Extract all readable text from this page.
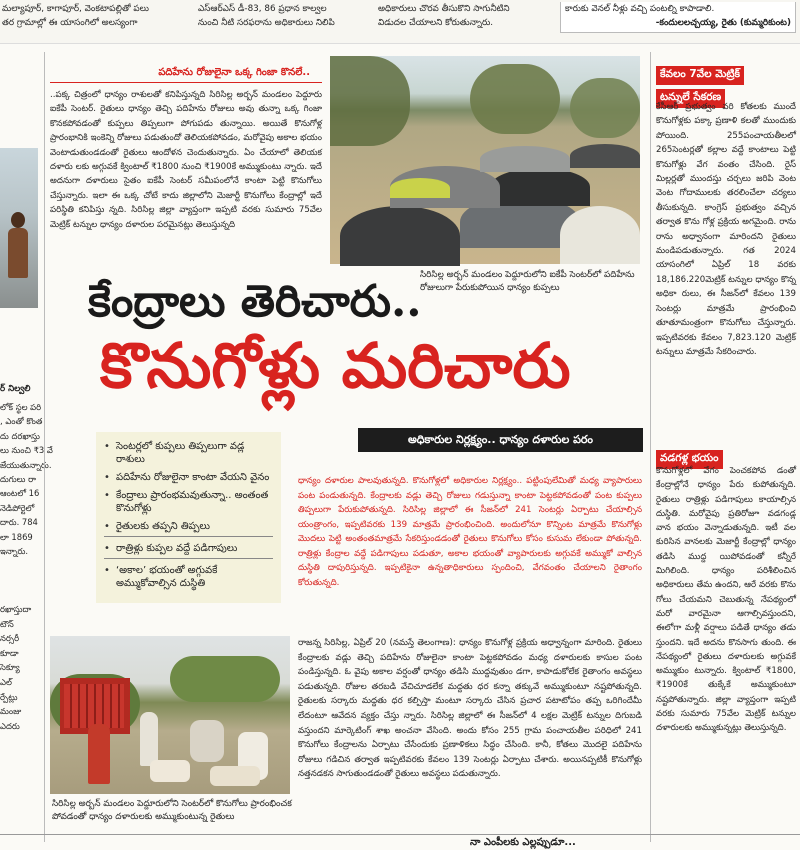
మల్యాపూర్‌, కాగాపూర్‌, వెంకటాపల్లితో పలు
తర గ్రామాల్లో ఈ యాసంగిలో అలస్యంగా
ఎస్‌ఆర్‌ఎస్‌ డీ-83, 86 ప్రధాన కాల్వల
నుంచి నీటి సరఫరాను అధికారులు నిలిపి
అధికారులు చొరవ తీసుకొని సాగునీటిని
విడుదల చేయాలని కోరుతున్నారు.
కారుకు వెనల్‌ నీళ్లు వచ్చి పంటల్ని కాపాడాలి.
-కందులలచ్చయ్య, రైతు (కుమ్మరికుంట)
ర్ నిల్వలి
లోక్ స్థల పరి
, ఎంతో కొంత
దు దరఖాస్తు
లు నుంచి ₹3 వే
జేయుతున్నారు.
దుగులు రా
ఆంటలో 16
నెడిపోర్టెలో
దారు. 784
లా 1869
ఇన్నారు.
రఖాస్తుదా
టౌన్
నర్సరీ
కూడా
సెక్యూ
ఎల్
ర్పేట్లు
మంజు
ఎదరు
పదిహేను రోజులైనా ఒక్క గింజా కొనలే..
..పక్క చిత్రంలో ధాన్యం రాశులతో కనిపిస్తున్నది సిరిసిల్ల అర్బన్‌ మండలం పెద్దూరు ఐకేపీ సెంటర్‌. రైతులు ధాన్యం తెచ్చి పదిహేను రోజులు అవు తున్నా ఒక్క గింజా కొనకపోవడంతో కుప్పలు తిప్పలుగా పోగుపడు తున్నాయి. అయితే కొనుగోళ్ల ప్రారంభానికి ఇంకెన్ని రోజులు పడుతుందో తెలియకపోవడం, మరోవైపు అకాల భయం వెంటాడుతుండడంతో రైతులు ఆందోళన చెందుతున్నారు. ఏం చేయాలో తెలియక దళారు లకు అగ్గువకే క్వింటాల్‌ ₹1800 నుంచి ₹1900కే అమ్ముకుంటు న్నారు. ఇదే అదనుగా దళారులు సైతం ఐకేపీ సెంటర్‌ సమీపంలోనే కాంటా పెట్టి కొనుగోలు చేస్తున్నారు. ఇలా ఈ ఒక్క చోటే కాదు జిల్లాలోని మెజార్టీ కొనుగోలు కేంద్రాల్లో ఇదే పరిస్థితి కనిపిస్తు న్నది. సిరిసిల్ల జిల్లా వ్యాప్తంగా ఇప్పటి వరకు సుమారు 75వేల మెట్రిక్‌ టన్నుల ధాన్యం దళారుల పరమైనట్లు తెలుస్తున్నది
సిరిసిల్ల అర్బన్‌ మండలం పెద్దూరులోని ఐకేపీ సెంటర్‌లో పదిహేను రోజులుగా పేరుకుపోయిన ధాన్యం కుప్పలు
కేంద్రాలు తెరిచారు..
కొనుగోళ్లు మరిచారు
అధికారుల నిర్లక్ష్యం.. ధాన్యం దళారుల పరం
• సెంటర్లలో కుప్పలు తిప్పలుగా వడ్ల రాశులు
• పదిహేను రోజులైనా కాంటా వేయని వైనం
• కేంద్రాలు ప్రారంభమవుతున్నా.. అంతంత కొనుగోళ్లు
• రైతులకు తప్పని తిప్పలు
• రాత్రిళ్లు కుప్పల వద్దే పడిగాపులు
• ‘అకాల’ భయంతో అగ్గువకే అమ్ముకోవాల్సిన దుస్థితి
ధాన్యం దళారుల పాలవుతున్నది. కొనుగోళ్లలో అధికారుల నిర్లక్ష్యం.. పట్టింపులేమితో మధ్య వ్యాపారులు పంట పండుతున్నది. కేంద్రాలకు వడ్లు తెచ్చి రోజులు గడుస్తున్నా కాంటా పెట్టకపోవడంతో పంట కుప్పలు తిప్పలుగా పేరుకుపోతున్నది. సిరిసిల్ల జిల్లాలో ఈ సీజన్‌లో 241 సెంటర్లు ఏర్పాటు చేయాల్సిన యంత్రాంగం, ఇప్పటివరకు 139 మాత్రమే ప్రారంభించింది. అందులోనూ కొన్నింట మాత్రమే కొనుగోళ్లు మొదలు పెట్టి అంతంతమాత్రమే సేకరిస్తుండడంతో రైతులు కొనుగోలు కోసం కుసుమ లేకుండా పోతున్నది. రాత్రిళ్లు కేంద్రాల వద్దే పడిగాపులు పడుతూ, అకాల భయంతో వ్యాపారులకు అగ్గువకే అమ్ముకో వాల్సిన దుస్థితి దాపురిస్తున్నది. ఇప్పటికైనా ఉన్నతాధికారులు స్పందించి, వేగవంతం చేయాలని రైతాంగం కోరుతున్నది.
రాజన్న సిరిసిల్ల, ఏప్రిల్‌ 20 (నమస్తే తెలంగాణ): ధాన్యం కొనుగోళ్ల ప్రక్రియ అధ్వాన్నంగా మారింది. రైతులు కేంద్రాలకు వడ్లు తెచ్చి పదిహేను రోజులైనా కాంటా పెట్టకపోవడం మధ్య దళారులకు కాసుల పంట పండిస్తున్నది. ఓ వైపు అకాల వర్షంతో ధాన్యం తడిసి ముద్దవుతుం డగా, కాపాడుకోలేక రైతాంగం అవస్థలు పడుతున్నది. రోజుల తరబడి వేచిచూడలేక మద్దతు ధర కన్నా తక్కువే అమ్ముకుంటూ నష్టపోతున్నది. రైతులకు సర్కారు మద్దతు ధర కల్పిస్తా మంటూ సర్కారు చేసిన ప్రచార పటాటోపం తప్ప ఒరిగిందేమీ లేదంటూ ఆవేదన వ్యక్తం చేస్తు న్నారు. సిరిసిల్ల జిల్లాలో ఈ సీజన్‌లో 4 లక్షల మెట్రిక్‌ టన్నుల దిగుబడి వస్తుందని మార్కెటింగ్‌ శాఖ అంచనా వేసింది. అందు కోసం 255 గ్రామ పంచాయతీల పరిధిలో 241 కొనుగోలు కేంద్రాలను ఏర్పాటు చేసేందుకు ప్రణాళికలు సిద్ధం చేసింది. కానీ, కోతలు మొదలై పదిహేను రోజులు గడిచిన తర్వాత ఇప్పటివరకు కేవలం 139 సెంటర్లు ఏర్పాటు చేశారు. అయినప్పటికీ కొనుగోళ్లు నత్తనడకన సాగుతుండడంతో రైతులు అవస్థలు పడుతున్నారు.
సిరిసిల్ల అర్బన్‌ మండలం పెద్దూరులోని సెంటర్‌లో కొనుగోలు ప్రారంభించక పోవడంతో ధాన్యం దళారులకు అమ్ముకుంటున్న రైతులు
కేవలం 7వేల మెట్రిక్‌ టన్నులే సేకరణ
కేసీఆర్‌ ప్రభుత్వం వరి కోతలకు ముందే కొనుగోళ్లకు పక్కా ప్రణాళి కలతో ముందుకు పోయింది. 255పంచాయతీలలో 265సెంటర్లతో కల్లాల వద్దే కాంటాలు పెట్టి కొనుగోళ్లు వేగ వంతం చేసింది. రైస్‌ మిల్లర్లతో ముందస్తు చర్చలు జరిపి వెంట వెంట గోదాములకు తరలించేలా చర్యలు తీసుకున్నది. కాంగ్రెస్‌ ప్రభుత్వం వచ్చిన తర్వాత కొను గోళ్ల ప్రక్రియ అగమైంది. రాను రాను అధ్వానంగా మారిందని రైతులు మండిపడుతున్నారు. గత 2024 యాసంగిలో ఏప్రిల్‌ 18 వరకు 18,186.220మెట్రిక్‌ టన్నుల ధాన్యం కొన్న అధికా రులు, ఈ సీజన్‌లో కేవలం 139 సెంటర్లు మాత్రమే ప్రారంభించి తూతూమంత్రంగా కొనుగోలు చేస్తున్నారు. ఇప్పటివరకు కేవలం 7,823.120 మెట్రిక్‌ టన్నులు మాత్రమే సేకరించారు.
వడగళ్ల భయం
కొనుగోళ్లలో వేగం పెంచకపోవ డంతో కేంద్రాల్లోనే ధాన్యం పేరు కుపోతున్నది. రైతులు రాత్రిళ్లు పడిగాపులు కాయాల్సిన దుస్థితి. మరోవైపు ప్రతిరోజూ వడగండ్ల వాన భయం వెన్నాడుతున్నది. ఇటీ వల కురిసిన వానలకు మెజార్టీ కేంద్రాల్లో ధాన్యం తడిసి ముద్ద యిపోవడంతో కన్నీరే మిగిలింది. ధాన్యం పరిశీలించిన అధికారులు తేమ ఉందని, ఆరే వరకు కొను గోలు చేయమని చెబుతున్న నేపథ్యంలో మరో వారమైనా ఆగాల్సివస్తుందని, ఈలోగా మళ్లీ వర్షాలు పడితే ధాన్యం తడు స్తుందని. ఇదే అదను కొనసాగు తుంది. ఈ నేపథ్యంలో రైతులు దళారులకు అగ్గువకే అమ్ముకుం టున్నారు. క్వింటాల్‌ ₹1800, ₹1900కే తుక్కేకే అమ్ముకుంటూ నష్టపోతున్నారు. జిల్లా వ్యాప్తంగా ఇప్పటి వరకు సుమారు 75వేల మెట్రిక్‌ టన్నుల దళారులకు అమ్ముకున్నట్లు తెలుస్తున్నది.
నా ఎంపీలకు ఎల్లప్పుడూ...
